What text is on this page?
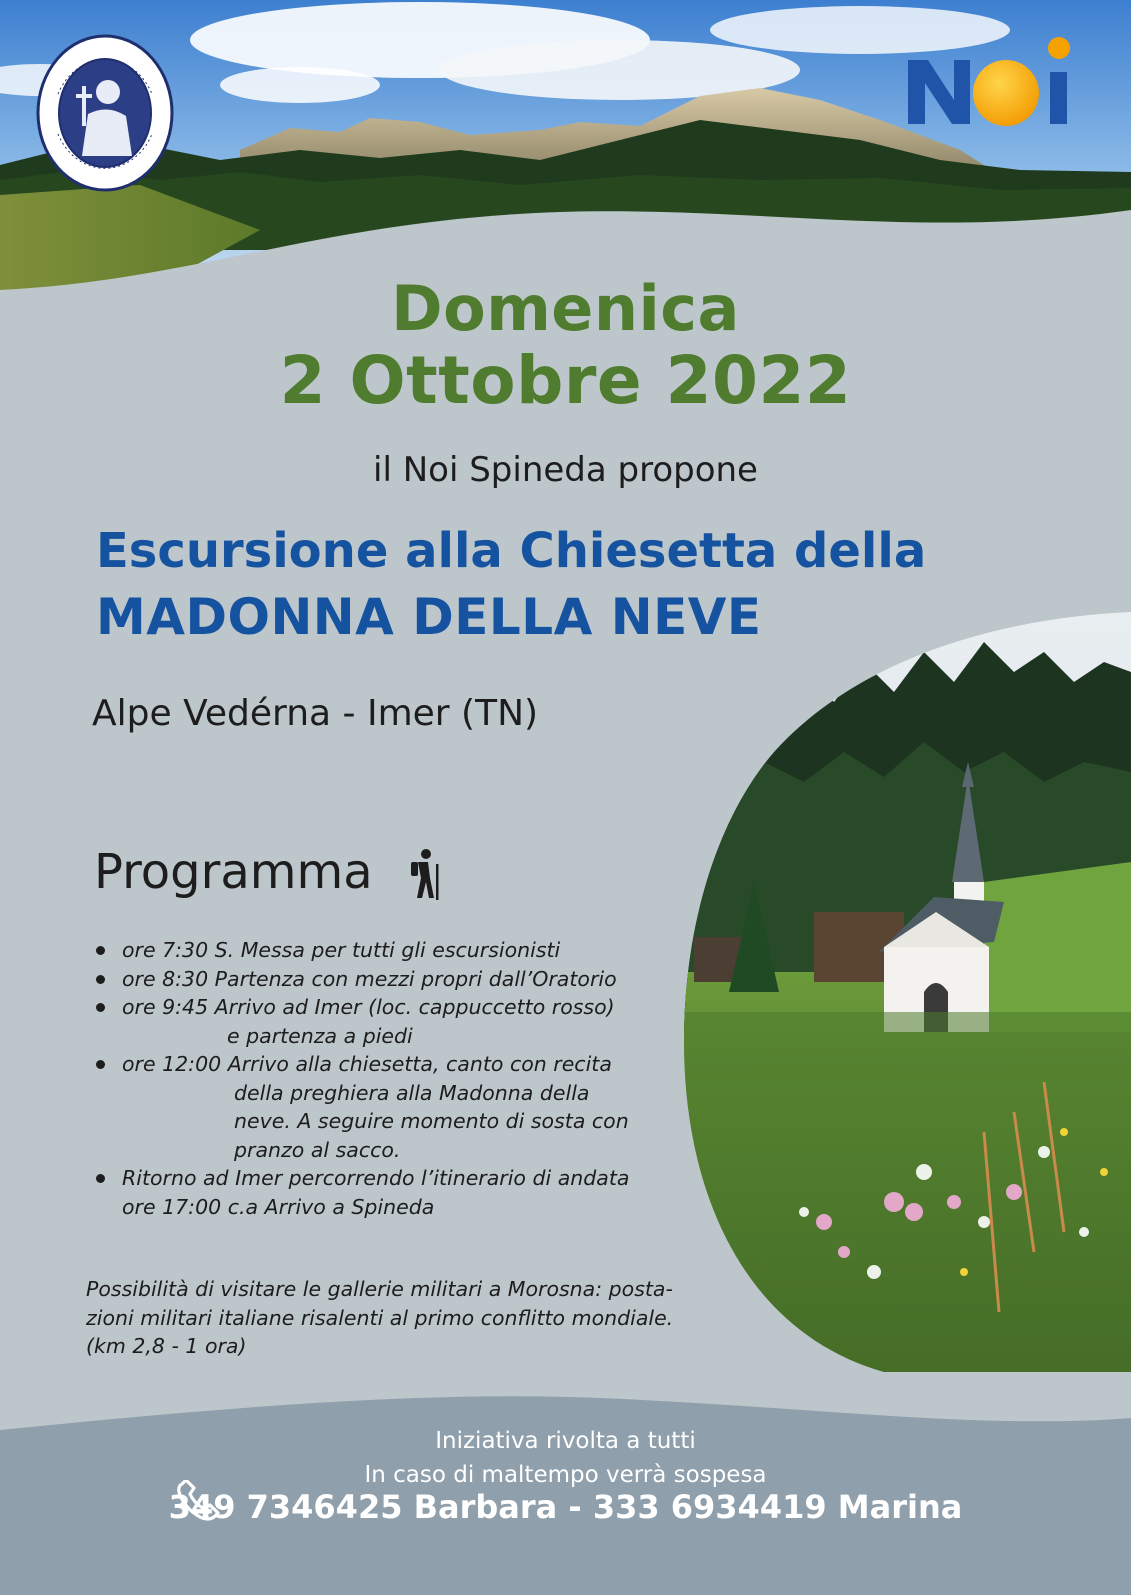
Domenica
2 Ottobre 2022
il Noi Spineda propone
Escursione alla Chiesetta della
MADONNA DELLA NEVE
Alpe Vedérna - Imer (TN)
Programma
ore 7:30 S. Messa per tutti gli escursionisti
ore 8:30 Partenza con mezzi propri dall’Oratorio
ore 9:45 Arrivo ad Imer (loc. cappuccetto rosso)
e partenza a piedi
ore 12:00 Arrivo alla chiesetta, canto con recita
della preghiera alla Madonna della
neve. A seguire momento di sosta con
pranzo al sacco.
Ritorno ad Imer percorrendo l’itinerario di andata
ore 17:00 c.a Arrivo a Spineda
Possibilità di visitare le gallerie militari a Morosna: posta-
zioni militari italiane risalenti al primo conflitto mondiale.
(km 2,8 - 1 ora)
Iniziativa rivolta a tutti
In caso di maltempo verrà sospesa
349 7346425 Barbara - 333 6934419 Marina
